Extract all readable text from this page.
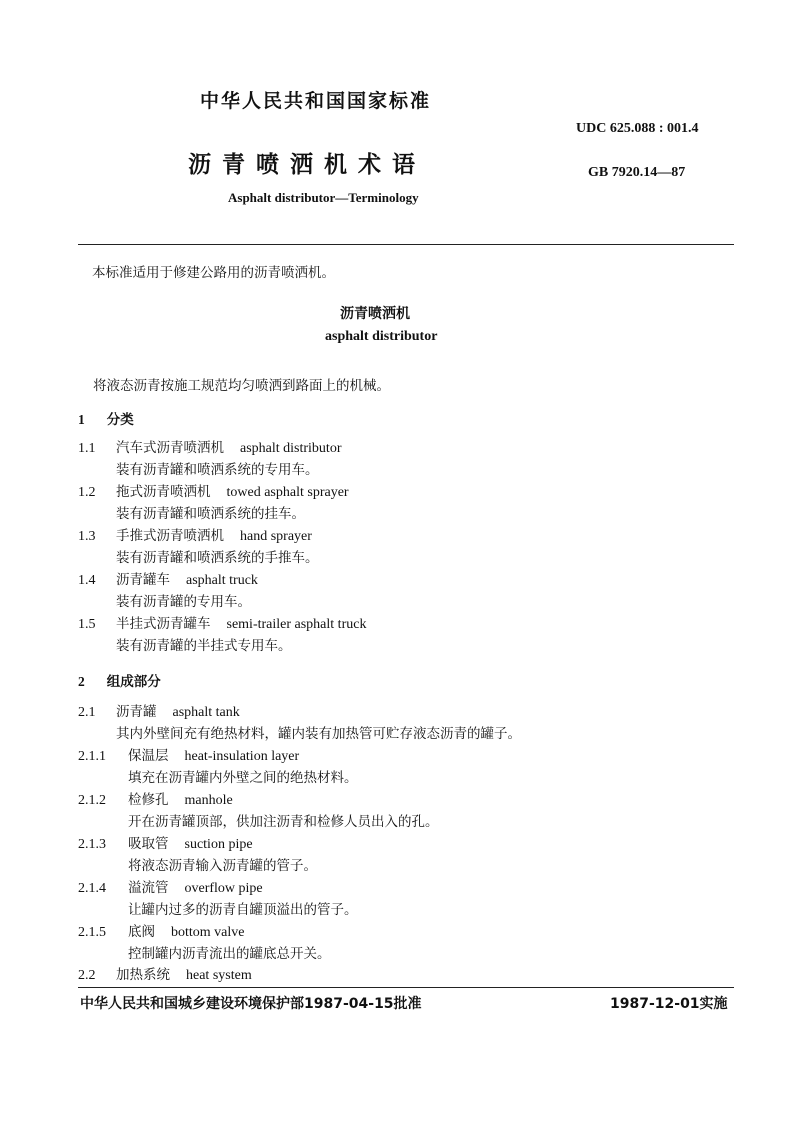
中华人民共和国国家标准
沥青喷洒机术语
Asphalt distributor—Terminology
UDC 625.088 : 001.4
GB 7920.14—87
本标准适用于修建公路用的沥青喷洒机。
沥青喷洒机
asphalt distributor
将液态沥青按施工规范均匀喷洒到路面上的机械。
1 分类
1.1 汽车式沥青喷洒机 asphalt distributor
装有沥青罐和喷洒系统的专用车。
1.2 拖式沥青喷洒机 towed asphalt sprayer
装有沥青罐和喷洒系统的挂车。
1.3 手推式沥青喷洒机 hand sprayer
装有沥青罐和喷洒系统的手推车。
1.4 沥青罐车 asphalt truck
装有沥青罐的专用车。
1.5 半挂式沥青罐车 semi-trailer asphalt truck
装有沥青罐的半挂式专用车。
2 组成部分
2.1 沥青罐 asphalt tank
其内外壁间充有绝热材料，罐内装有加热管可贮存液态沥青的罐子。
2.1.1 保温层 heat-insulation layer
填充在沥青罐内外壁之间的绝热材料。
2.1.2 检修孔 manhole
开在沥青罐顶部，供加注沥青和检修人员出入的孔。
2.1.3 吸取管 suction pipe
将液态沥青输入沥青罐的管子。
2.1.4 溢流管 overflow pipe
让罐内过多的沥青自罐顶溢出的管子。
2.1.5 底阀 bottom valve
控制罐内沥青流出的罐底总开关。
2.2 加热系统 heat system
中华人民共和国城乡建设环境保护部1987-04-15批准	1987-12-01实施
